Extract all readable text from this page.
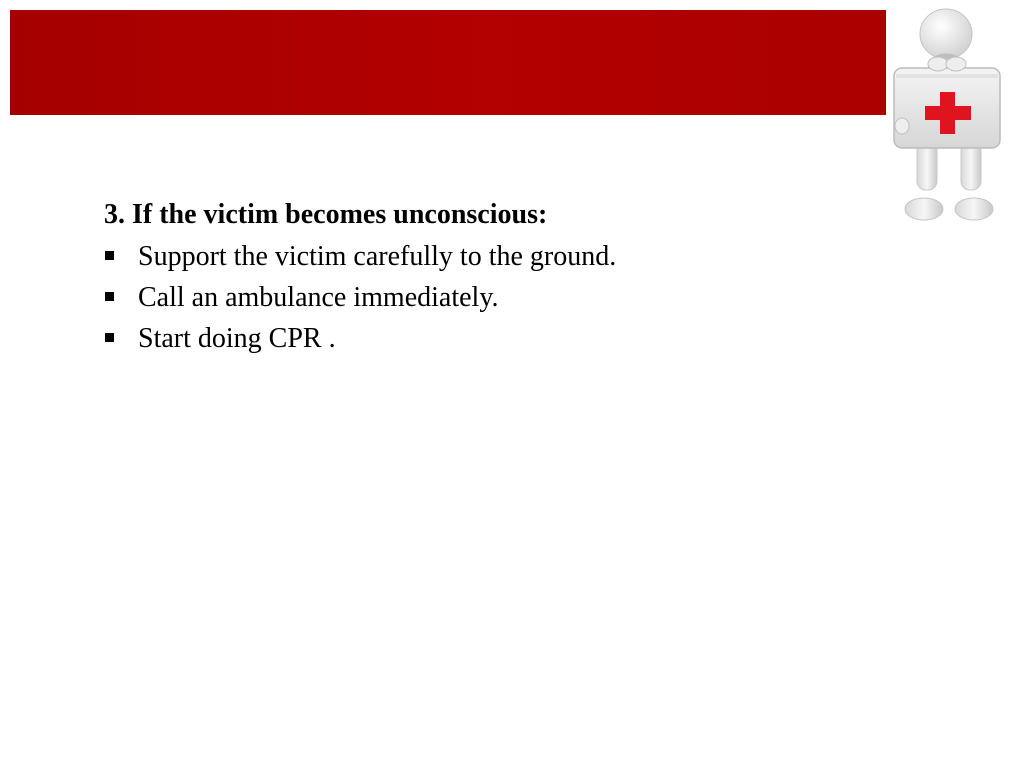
3. If the victim becomes unconscious:

Support the victim carefully to the ground.
Call an ambulance immediately.
Start doing CPR .
